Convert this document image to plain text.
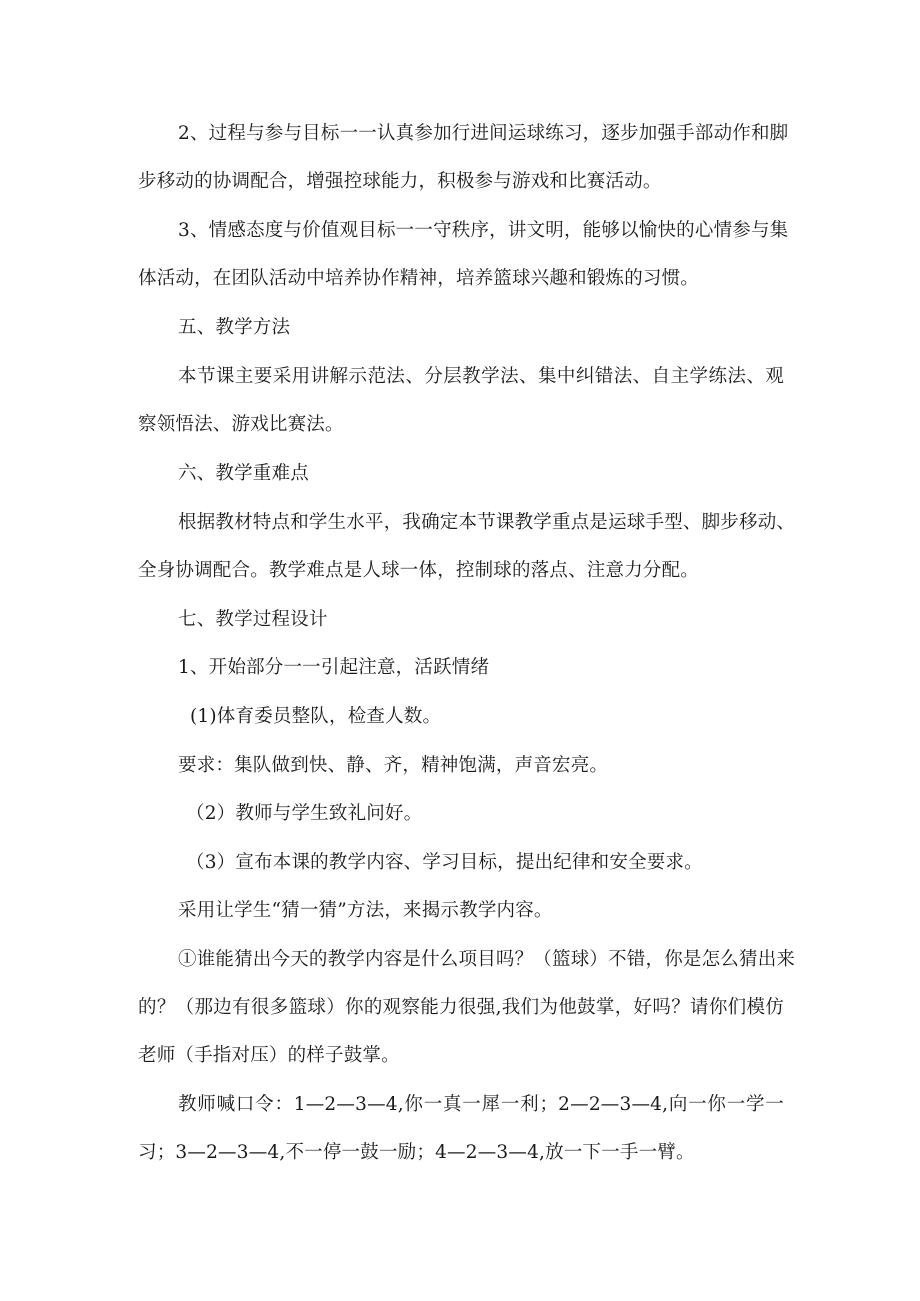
2、过程与参与目标一一认真参加行进间运球练习，逐步加强手部动作和脚
步移动的协调配合，增强控球能力，积极参与游戏和比赛活动。
3、情感态度与价值观目标一一守秩序，讲文明，能够以愉快的心情参与集
体活动，在团队活动中培养协作精神，培养篮球兴趣和锻炼的习惯。
五、教学方法
本节课主要采用讲解示范法、分层教学法、集中纠错法、自主学练法、观
察领悟法、游戏比赛法。
六、教学重难点
根据教材特点和学生水平，我确定本节课教学重点是运球手型、脚步移动、
全身协调配合。教学难点是人球一体，控制球的落点、注意力分配。
七、教学过程设计
1、开始部分一一引起注意，活跃情绪
(1)体育委员整队，检查人数。
要求：集队做到快、静、齐，精神饱满，声音宏亮。
（2）教师与学生致礼问好。
（3）宣布本课的教学内容、学习目标，提出纪律和安全要求。
采用让学生“猜一猜”方法，来揭示教学内容。
①谁能猜出今天的教学内容是什么项目吗？（篮球）不错，你是怎么猜出来
的？（那边有很多篮球）你的观察能力很强,我们为他鼓掌，好吗？请你们模仿
老师（手指对压）的样子鼓掌。
教师喊口令：1—2—3—4,你一真一犀一利；2—2—3—4,向一你一学一
习；3—2—3—4,不一停一鼓一励；4—2—3—4,放一下一手一臂。
